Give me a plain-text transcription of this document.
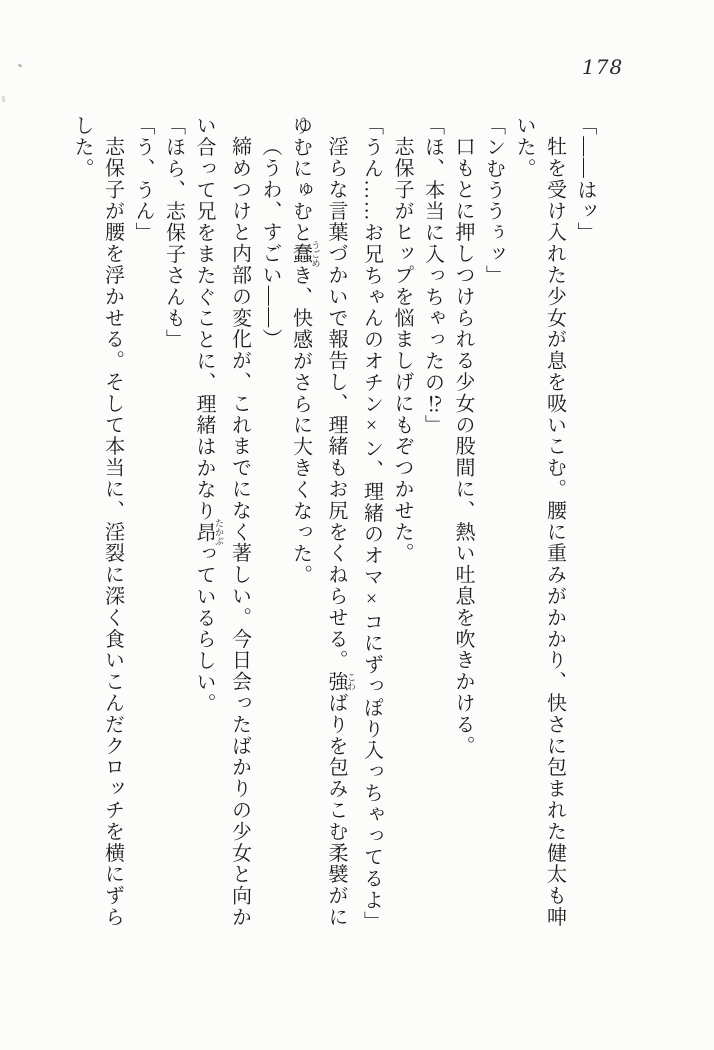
178
「——はッ」
牡を受け入れた少女が息を吸いこむ。腰に重みがかかり、快さに包まれた健太も呻
いた。
「ンむううぅッ」
口もとに押しつけられる少女の股間に、熱い吐息を吹きかける。
「ほ、本当に入っちゃったの⁉」
志保子がヒップを悩ましげにもぞつかせた。
「うん……お兄ちゃんのオチン×ン、理緒のオマ×コにずっぽり入っちゃってるよ」
淫らな言葉づかいで報告し、理緒もお尻をくねらせる。強 こわばりを包みこむ柔襞がに
ゆむにゅむと蠢 うごめき、快感がさらに大きくなった。
（うわ、すごい——）
締めつけと内部の変化が、これまでになく著しい。今日会ったばかりの少女と向か
い合って兄をまたぐことに、理緒はかなり昂 たかぶっているらしい。
「ほら、志保子さんも」
「う、うん」
志保子が腰を浮かせる。そして本当に、淫裂に深く食いこんだクロッチを横にずら
した。
